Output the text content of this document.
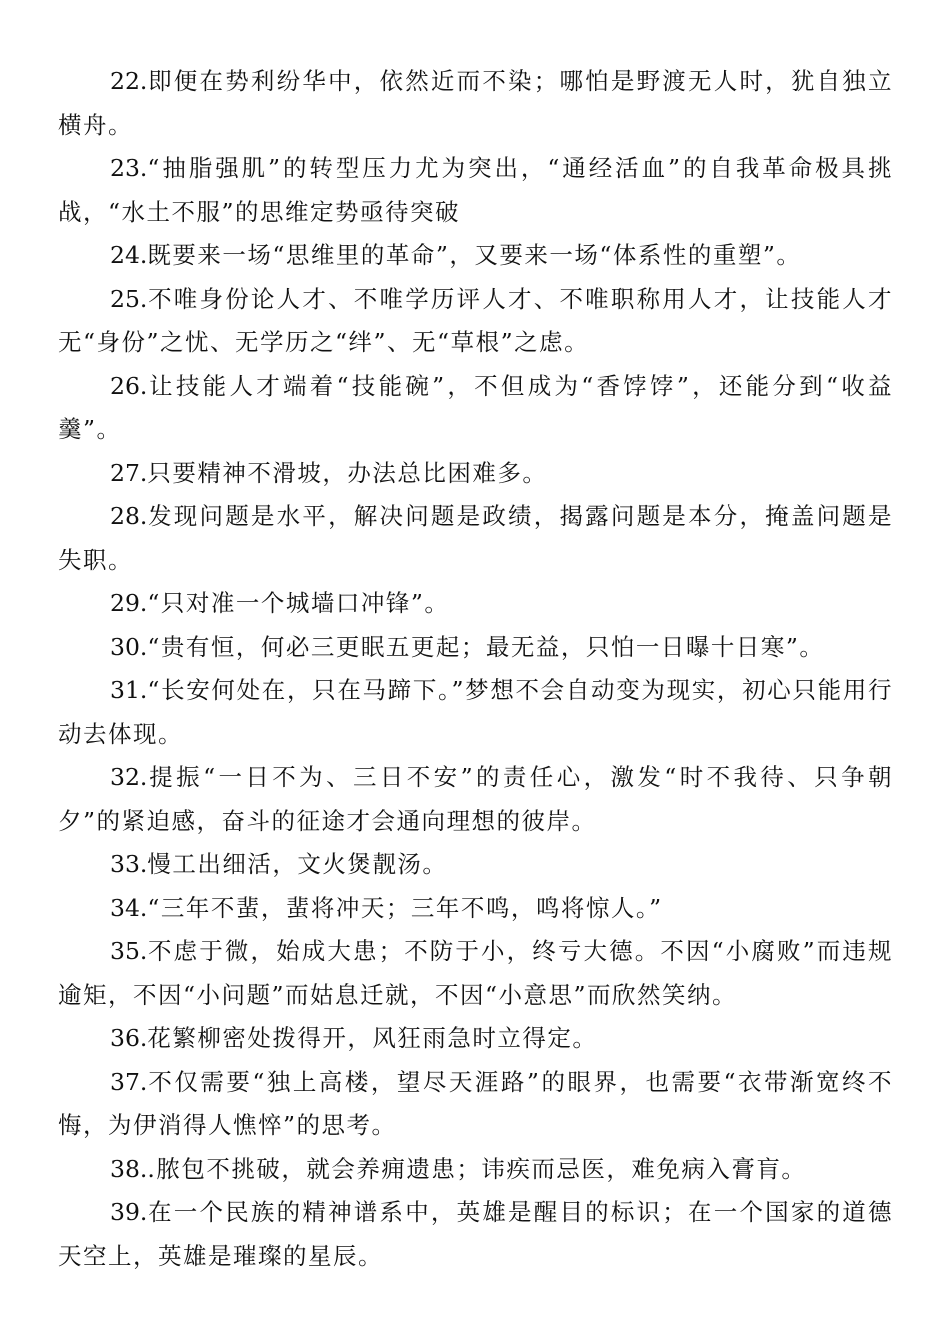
22.即便在势利纷华中，依然近而不染；哪怕是野渡无人时，犹自独立横舟。

23.“抽脂强肌”的转型压力尤为突出，“通经活血”的自我革命极具挑战，“水土不服”的思维定势亟待突破

24.既要来一场“思维里的革命”，又要来一场“体系性的重塑”。

25.不唯身份论人才、不唯学历评人才、不唯职称用人才，让技能人才无“身份”之忧、无学历之“绊”、无“草根”之虑。

26.让技能人才端着“技能碗”，不但成为“香饽饽”，还能分到“收益羹”。

27.只要精神不滑坡，办法总比困难多。

28.发现问题是水平，解决问题是政绩，揭露问题是本分，掩盖问题是失职。

29.“只对准一个城墙口冲锋”。

30.“贵有恒，何必三更眠五更起；最无益，只怕一日曝十日寒”。

31.“长安何处在，只在马蹄下。”梦想不会自动变为现实，初心只能用行动去体现。

32.提振“一日不为、三日不安”的责任心，激发“时不我待、只争朝夕”的紧迫感，奋斗的征途才会通向理想的彼岸。

33.慢工出细活，文火煲靓汤。

34.“三年不蜚，蜚将冲天；三年不鸣，鸣将惊人。”

35.不虑于微，始成大患；不防于小，终亏大德。不因“小腐败”而违规逾矩，不因“小问题”而姑息迁就，不因“小意思”而欣然笑纳。

36.花繁柳密处拨得开，风狂雨急时立得定。

37.不仅需要“独上高楼，望尽天涯路”的眼界，也需要“衣带渐宽终不悔，为伊消得人憔悴”的思考。

38..脓包不挑破，就会养痈遗患；讳疾而忌医，难免病入膏肓。

39.在一个民族的精神谱系中，英雄是醒目的标识；在一个国家的道德天空上，英雄是璀璨的星辰。
